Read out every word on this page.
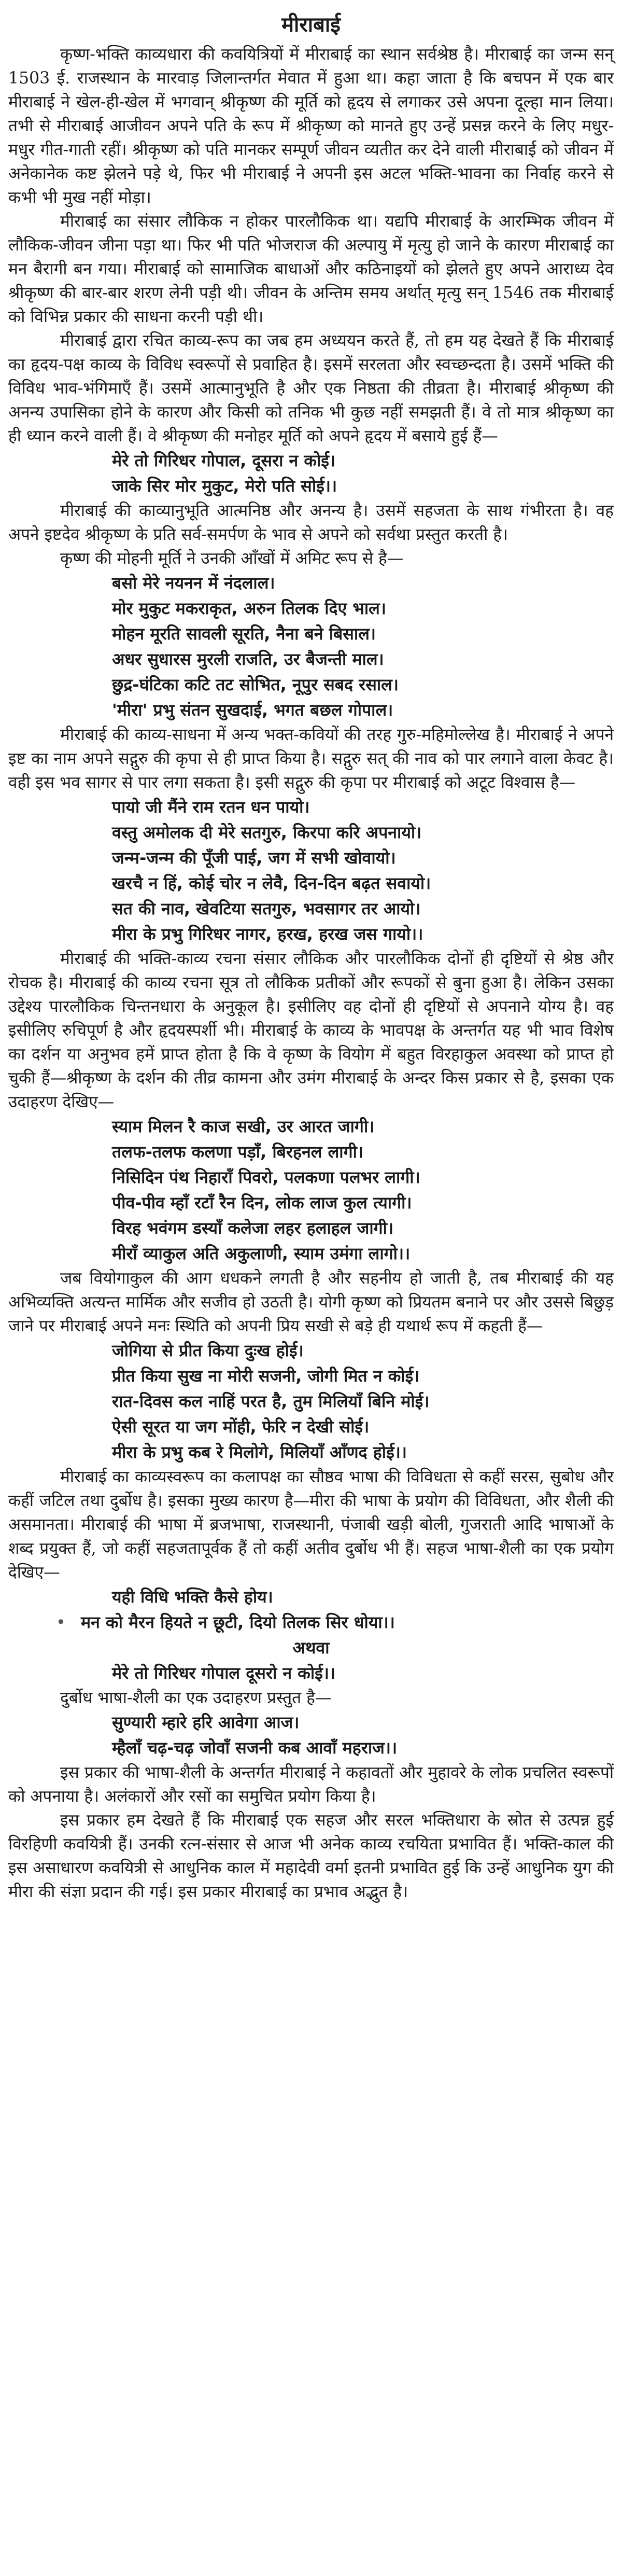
मीराबाई

कृष्ण-भक्ति काव्यधारा की कवयित्रियों में मीराबाई का स्थान सर्वश्रेष्ठ है। मीराबाई का जन्म सन् 1503 ई. राजस्थान के मारवाड़ जिलान्तर्गत मेवात में हुआ था। कहा जाता है कि बचपन में एक बार मीराबाई ने खेल-ही-खेल में भगवान् श्रीकृष्ण की मूर्ति को हृदय से लगाकर उसे अपना दूल्हा मान लिया। तभी से मीराबाई आजीवन अपने पति के रूप में श्रीकृष्ण को मानते हुए उन्हें प्रसन्न करने के लिए मधुर-मधुर गीत-गाती रहीं। श्रीकृष्ण को पति मानकर सम्पूर्ण जीवन व्यतीत कर देने वाली मीराबाई को जीवन में अनेकानेक कष्ट झेलने पड़े थे, फिर भी मीराबाई ने अपनी इस अटल भक्ति-भावना का निर्वाह करने से कभी भी मुख नहीं मोड़ा।

मीराबाई का संसार लौकिक न होकर पारलौकिक था। यद्यपि मीराबाई के आरम्भिक जीवन में लौकिक-जीवन जीना पड़ा था। फिर भी पति भोजराज की अल्पायु में मृत्यु हो जाने के कारण मीराबाई का मन बैरागी बन गया। मीराबाई को सामाजिक बाधाओं और कठिनाइयों को झेलते हुए अपने आराध्य देव श्रीकृष्ण की बार-बार शरण लेनी पड़ी थी। जीवन के अन्तिम समय अर्थात् मृत्यु सन् 1546 तक मीराबाई को विभिन्न प्रकार की साधना करनी पड़ी थी।

मीराबाई द्वारा रचित काव्य-रूप का जब हम अध्ययन करते हैं, तो हम यह देखते हैं कि मीराबाई का हृदय-पक्ष काव्य के विविध स्वरूपों से प्रवाहित है। इसमें सरलता और स्वच्छन्दता है। उसमें भक्ति की विविध भाव-भंगिमाएँ हैं। उसमें आत्मानुभूति है और एक निष्ठता की तीव्रता है। मीराबाई श्रीकृष्ण की अनन्य उपासिका होने के कारण और किसी को तनिक भी कुछ नहीं समझती हैं। वे तो मात्र श्रीकृष्ण का ही ध्यान करने वाली हैं। वे श्रीकृष्ण की मनोहर मूर्ति को अपने हृदय में बसाये हुई हैं—

मेरे तो गिरिधर गोपाल, दूसरा न कोई।
जाके सिर मोर मुकुट, मेरो पति सोई।।

मीराबाई की काव्यानुभूति आत्मनिष्ठ और अनन्य है। उसमें सहजता के साथ गंभीरता है। वह अपने इष्टदेव श्रीकृष्ण के प्रति सर्व-समर्पण के भाव से अपने को सर्वथा प्रस्तुत करती है।

कृष्ण की मोहनी मूर्ति ने उनकी आँखों में अमिट रूप से है—

बसो मेरे नयनन में नंदलाल।
मोर मुकुट मकराकृत, अरुन तिलक दिए भाल।
मोहन मूरति सावली सूरति, नैना बने बिसाल।
अधर सुधारस मुरली राजति, उर बैजन्ती माल।
छुद्र-घंटिका कटि तट सोभित, नूपुर सबद रसाल।
'मीरा' प्रभु संतन सुखदाई, भगत बछल गोपाल।

मीराबाई की काव्य-साधना में अन्य भक्त-कवियों की तरह गुरु-महिमोल्लेख है। मीराबाई ने अपने इष्ट का नाम अपने सद्गुरु की कृपा से ही प्राप्त किया है। सद्गुरु सत् की नाव को पार लगाने वाला केवट है। वही इस भव सागर से पार लगा सकता है। इसी सद्गुरु की कृपा पर मीराबाई को अटूट विश्वास है—

पायो जी मैंने राम रतन धन पायो।
वस्तु अमोलक दी मेरे सतगुरु, किरपा करि अपनायो।
जन्म-जन्म की पूँजी पाई, जग में सभी खोवायो।
खरचै न हिं, कोई चोर न लेवै, दिन-दिन बढ़त सवायो।
सत की नाव, खेवटिया सतगुरु, भवसागर तर आयो।
मीरा के प्रभु गिरिधर नागर, हरख, हरख जस गायो।।

मीराबाई की भक्ति-काव्य रचना संसार लौकिक और पारलौकिक दोनों ही दृष्टियों से श्रेष्ठ और रोचक है। मीराबाई की काव्य रचना सूत्र तो लौकिक प्रतीकों और रूपकों से बुना हुआ है। लेकिन उसका उद्देश्य पारलौकिक चिन्तनधारा के अनुकूल है। इसीलिए वह दोनों ही दृष्टियों से अपनाने योग्य है। वह इसीलिए रुचिपूर्ण है और हृदयस्पर्शी भी। मीराबाई के काव्य के भावपक्ष के अन्तर्गत यह भी भाव विशेष का दर्शन या अनुभव हमें प्राप्त होता है कि वे कृष्ण के वियोग में बहुत विरहाकुल अवस्था को प्राप्त हो चुकी हैं—श्रीकृष्ण के दर्शन की तीव्र कामना और उमंग मीराबाई के अन्दर किस प्रकार से है, इसका एक उदाहरण देखिए—

स्याम मिलन रै काज सखी, उर आरत जागी।
तलफ-तलफ कलणा पड़ाँ, बिरहनल लागी।
निसिदिन पंथ निहाराँ पिवरो, पलकणा पलभर लागी।
पीव-पीव म्हाँ रटाँ रैन दिन, लोक लाज कुल त्यागी।
विरह भवंगम डस्याँ कलेजा लहर हलाहल जागी।
मीराँ व्याकुल अति अकुलाणी, स्याम उमंगा लागो।।

जब वियोगाकुल की आग धधकने लगती है और सहनीय हो जाती है, तब मीराबाई की यह अभिव्यक्ति अत्यन्त मार्मिक और सजीव हो उठती है। योगी कृष्ण को प्रियतम बनाने पर और उससे बिछुड़ जाने पर मीराबाई अपने मनः स्थिति को अपनी प्रिय सखी से बड़े ही यथार्थ रूप में कहती हैं—

जोगिया से प्रीत किया दुःख होई।
प्रीत किया सुख ना मोरी सजनी, जोगी मित न कोई।
रात-दिवस कल नाहिं परत है, तुम मिलियाँ बिनि मोई।
ऐसी सूरत या जग मोंही, फेरि न देखी सोई।
मीरा के प्रभु कब रे मिलोगे, मिलियाँ आँणद होई।।

मीराबाई का काव्यस्वरूप का कलापक्ष का सौष्ठव भाषा की विविधता से कहीं सरस, सुबोध और कहीं जटिल तथा दुर्बोध है। इसका मुख्य कारण है—मीरा की भाषा के प्रयोग की विविधता, और शैली की असमानता। मीराबाई की भाषा में ब्रजभाषा, राजस्थानी, पंजाबी खड़ी बोली, गुजराती आदि भाषाओं के शब्द प्रयुक्त हैं, जो कहीं सहजतापूर्वक हैं तो कहीं अतीव दुर्बोध भी हैं। सहज भाषा-शैली का एक प्रयोग देखिए—

यही विधि भक्ति कैसे होय।
• मन को मैरन हियते न छूटी, दियो तिलक सिर धोया।।
अथवा
मेरे तो गिरिधर गोपाल दूसरो न कोई।।

दुर्बोध भाषा-शैली का एक उदाहरण प्रस्तुत है—

सुण्यारी म्हारे हरि आवेगा आज।
म्हैलाँ चढ़-चढ़ जोवाँ सजनी कब आवाँ महराज।।

इस प्रकार की भाषा-शैली के अन्तर्गत मीराबाई ने कहावतों और मुहावरे के लोक प्रचलित स्वरूपों को अपनाया है। अलंकारों और रसों का समुचित प्रयोग किया है।

इस प्रकार हम देखते हैं कि मीराबाई एक सहज और सरल भक्तिधारा के स्रोत से उत्पन्न हुई विरहिणी कवयित्री हैं। उनकी रत्न-संसार से आज भी अनेक काव्य रचयिता प्रभावित हैं। भक्ति-काल की इस असाधारण कवयित्री से आधुनिक काल में महादेवी वर्मा इतनी प्रभावित हुई कि उन्हें आधुनिक युग की मीरा की संज्ञा प्रदान की गई। इस प्रकार मीराबाई का प्रभाव अद्भुत है।
